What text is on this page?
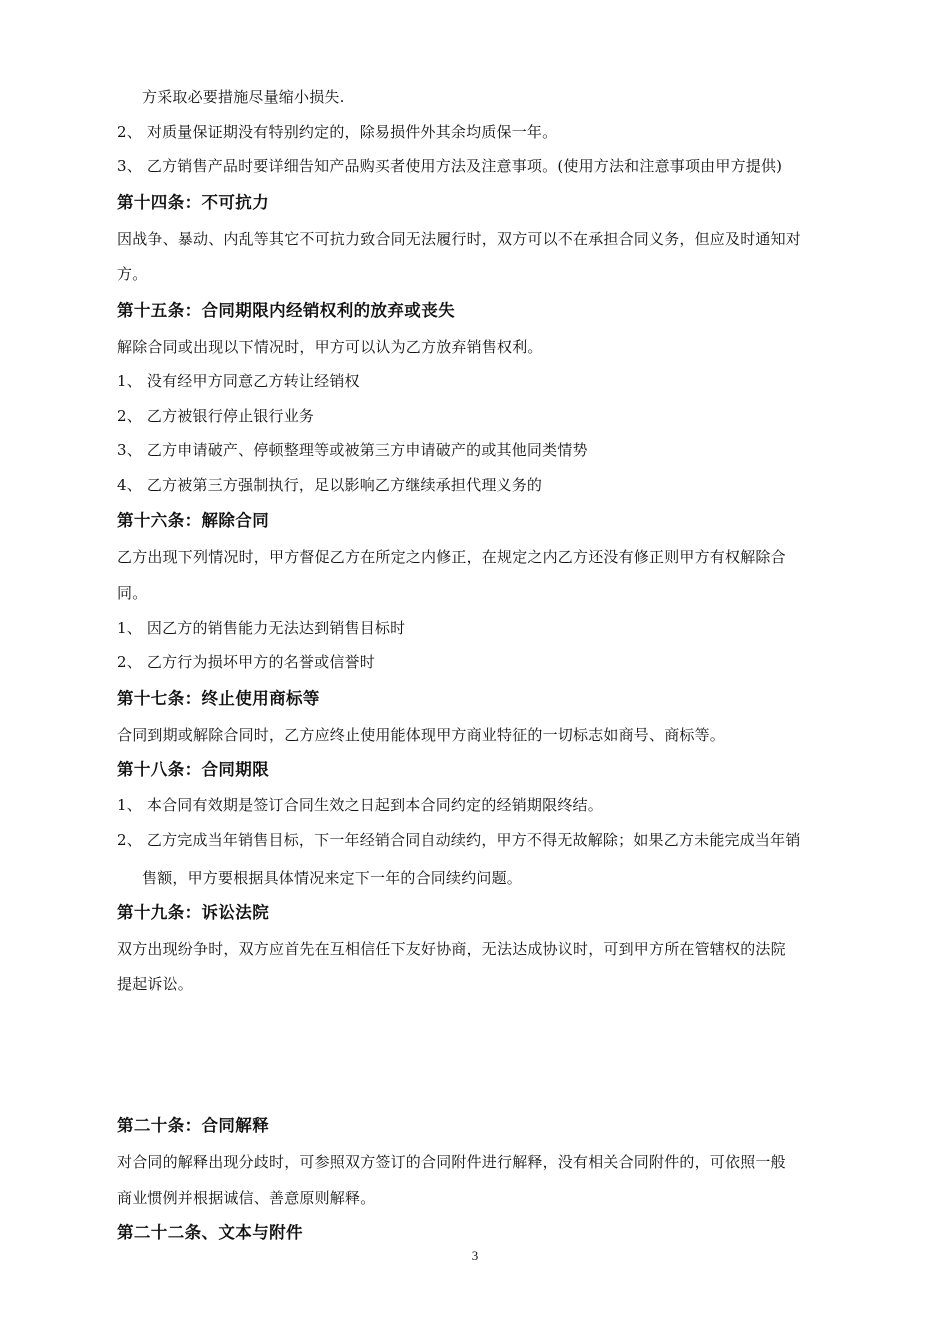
方采取必要措施尽量缩小损失.
2、 对质量保证期没有特别约定的，除易损件外其余均质保一年。
3、 乙方销售产品时要详细告知产品购买者使用方法及注意事项。(使用方法和注意事项由甲方提供)
第十四条：不可抗力
因战争、暴动、内乱等其它不可抗力致合同无法履行时，双方可以不在承担合同义务，但应及时通知对
方。
第十五条：合同期限内经销权利的放弃或丧失
解除合同或出现以下情况时，甲方可以认为乙方放弃销售权利。
1、 没有经甲方同意乙方转让经销权
2、 乙方被银行停止银行业务
3、 乙方申请破产、停顿整理等或被第三方申请破产的或其他同类情势
4、 乙方被第三方强制执行，足以影响乙方继续承担代理义务的
第十六条：解除合同
乙方出现下列情况时，甲方督促乙方在所定之内修正，在规定之内乙方还没有修正则甲方有权解除合
同。
1、 因乙方的销售能力无法达到销售目标时
2、 乙方行为损坏甲方的名誉或信誉时
第十七条：终止使用商标等
合同到期或解除合同时，乙方应终止使用能体现甲方商业特征的一切标志如商号、商标等。
第十八条：合同期限
1、 本合同有效期是签订合同生效之日起到本合同约定的经销期限终结。
2、 乙方完成当年销售目标，下一年经销合同自动续约，甲方不得无故解除；如果乙方未能完成当年销
售额，甲方要根据具体情况来定下一年的合同续约问题。
第十九条：诉讼法院
双方出现纷争时，双方应首先在互相信任下友好协商，无法达成协议时，可到甲方所在管辖权的法院
提起诉讼。
第二十条：合同解释
对合同的解释出现分歧时，可参照双方签订的合同附件进行解释，没有相关合同附件的，可依照一般
商业惯例并根据诚信、善意原则解释。
第二十二条、文本与附件
3
